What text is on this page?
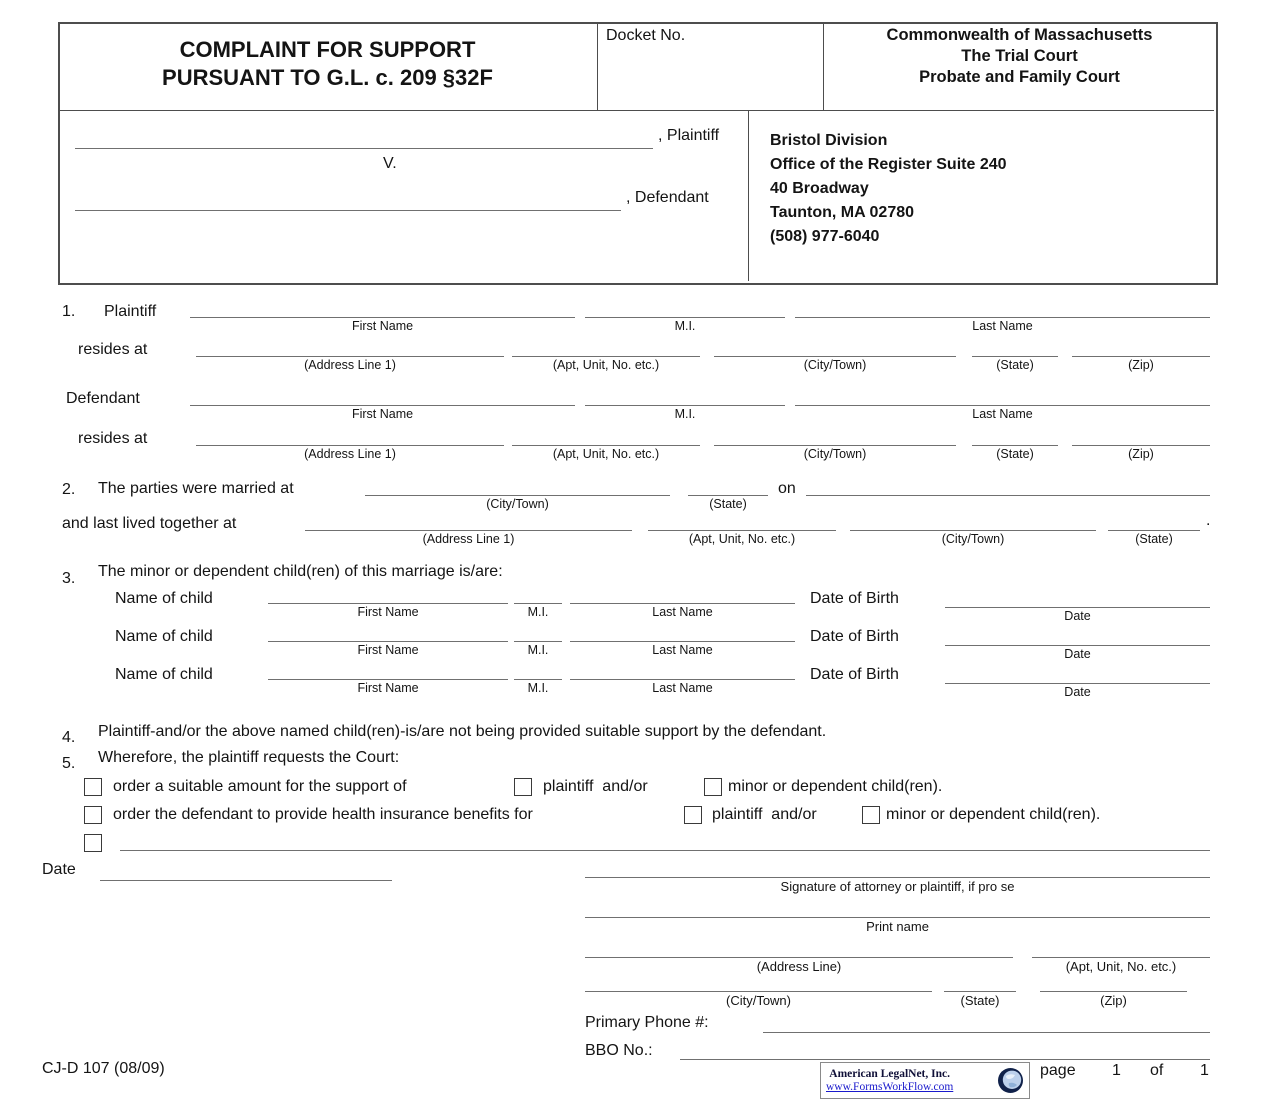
COMPLAINT FOR SUPPORT
PURSUANT TO G.L. c. 209 §32F
Docket No.	Commonwealth of Massachusetts
The Trial Court
Probate and Family Court
, Plaintiff
V.
, Defendant
Bristol Division
Office of the Register Suite 240
40 Broadway
Taunton, MA 02780
(508) 977-6040
1. Plaintiff
First Name	M.I.	Last Name
resides at
(Address Line 1)	(Apt, Unit, No. etc.)	(City/Town)	(State)	(Zip)
Defendant
First Name	M.I.	Last Name
resides at
(Address Line 1)	(Apt, Unit, No. etc.)	(City/Town)	(State)	(Zip)
2. The parties were married at
(City/Town)	(State)
on
and last lived together at
(Address Line 1)	(Apt, Unit, No. etc.)	(City/Town)	(State)
.
3. The minor or dependent child(ren) of this marriage is/are:
Name of child
First Name	M.I.	Last Name
Date of Birth
Date
Name of child
First Name	M.I.	Last Name
Date of Birth
Date
Name of child
First Name	M.I.	Last Name
Date of Birth
Date
4. Plaintiff-and/or the above named child(ren)-is/are not being provided suitable support by the defendant.
5. Wherefore, the plaintiff requests the Court:
order a suitable amount for the support of	plaintiff  and/or	minor or dependent child(ren).
order the defendant to provide health insurance benefits for	plaintiff  and/or	minor or dependent child(ren).
Date
Signature of attorney or plaintiff, if pro se
Print name
(Address Line)	(Apt, Unit, No. etc.)
(City/Town)	(State)	(Zip)
Primary Phone #:
BBO No.:
CJ-D 107 (08/09)	American LegalNet, Inc.
www.FormsWorkFlow.com
page 1 of 1
